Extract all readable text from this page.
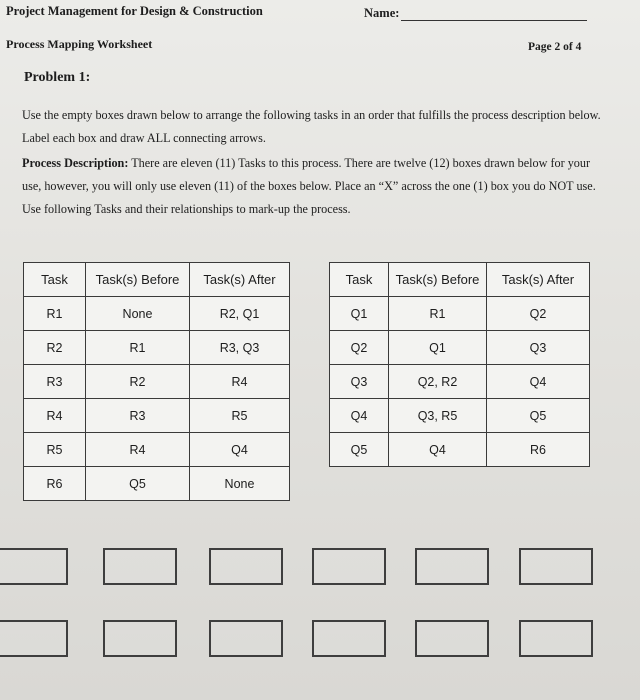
Project Management for Design & Construction	Name:
Process Mapping Worksheet	Page 2 of 4
Problem 1:
Use the empty boxes drawn below to arrange the following tasks in an order that fulfills the process description below. Label each box and draw ALL connecting arrows.
Process Description: There are eleven (11) Tasks to this process. There are twelve (12) boxes drawn below for your use, however, you will only use eleven (11) of the boxes below. Place an “X” across the one (1) box you do NOT use. Use following Tasks and their relationships to mark-up the process.
Task	Task(s) Before	Task(s) After
R1	None	R2, Q1
R2	R1	R3, Q3
R3	R2	R4
R4	R3	R5
R5	R4	Q4
R6	Q5	None
Task	Task(s) Before	Task(s) After
Q1	R1	Q2
Q2	Q1	Q3
Q3	Q2, R2	Q4
Q4	Q3, R5	Q5
Q5	Q4	R6
